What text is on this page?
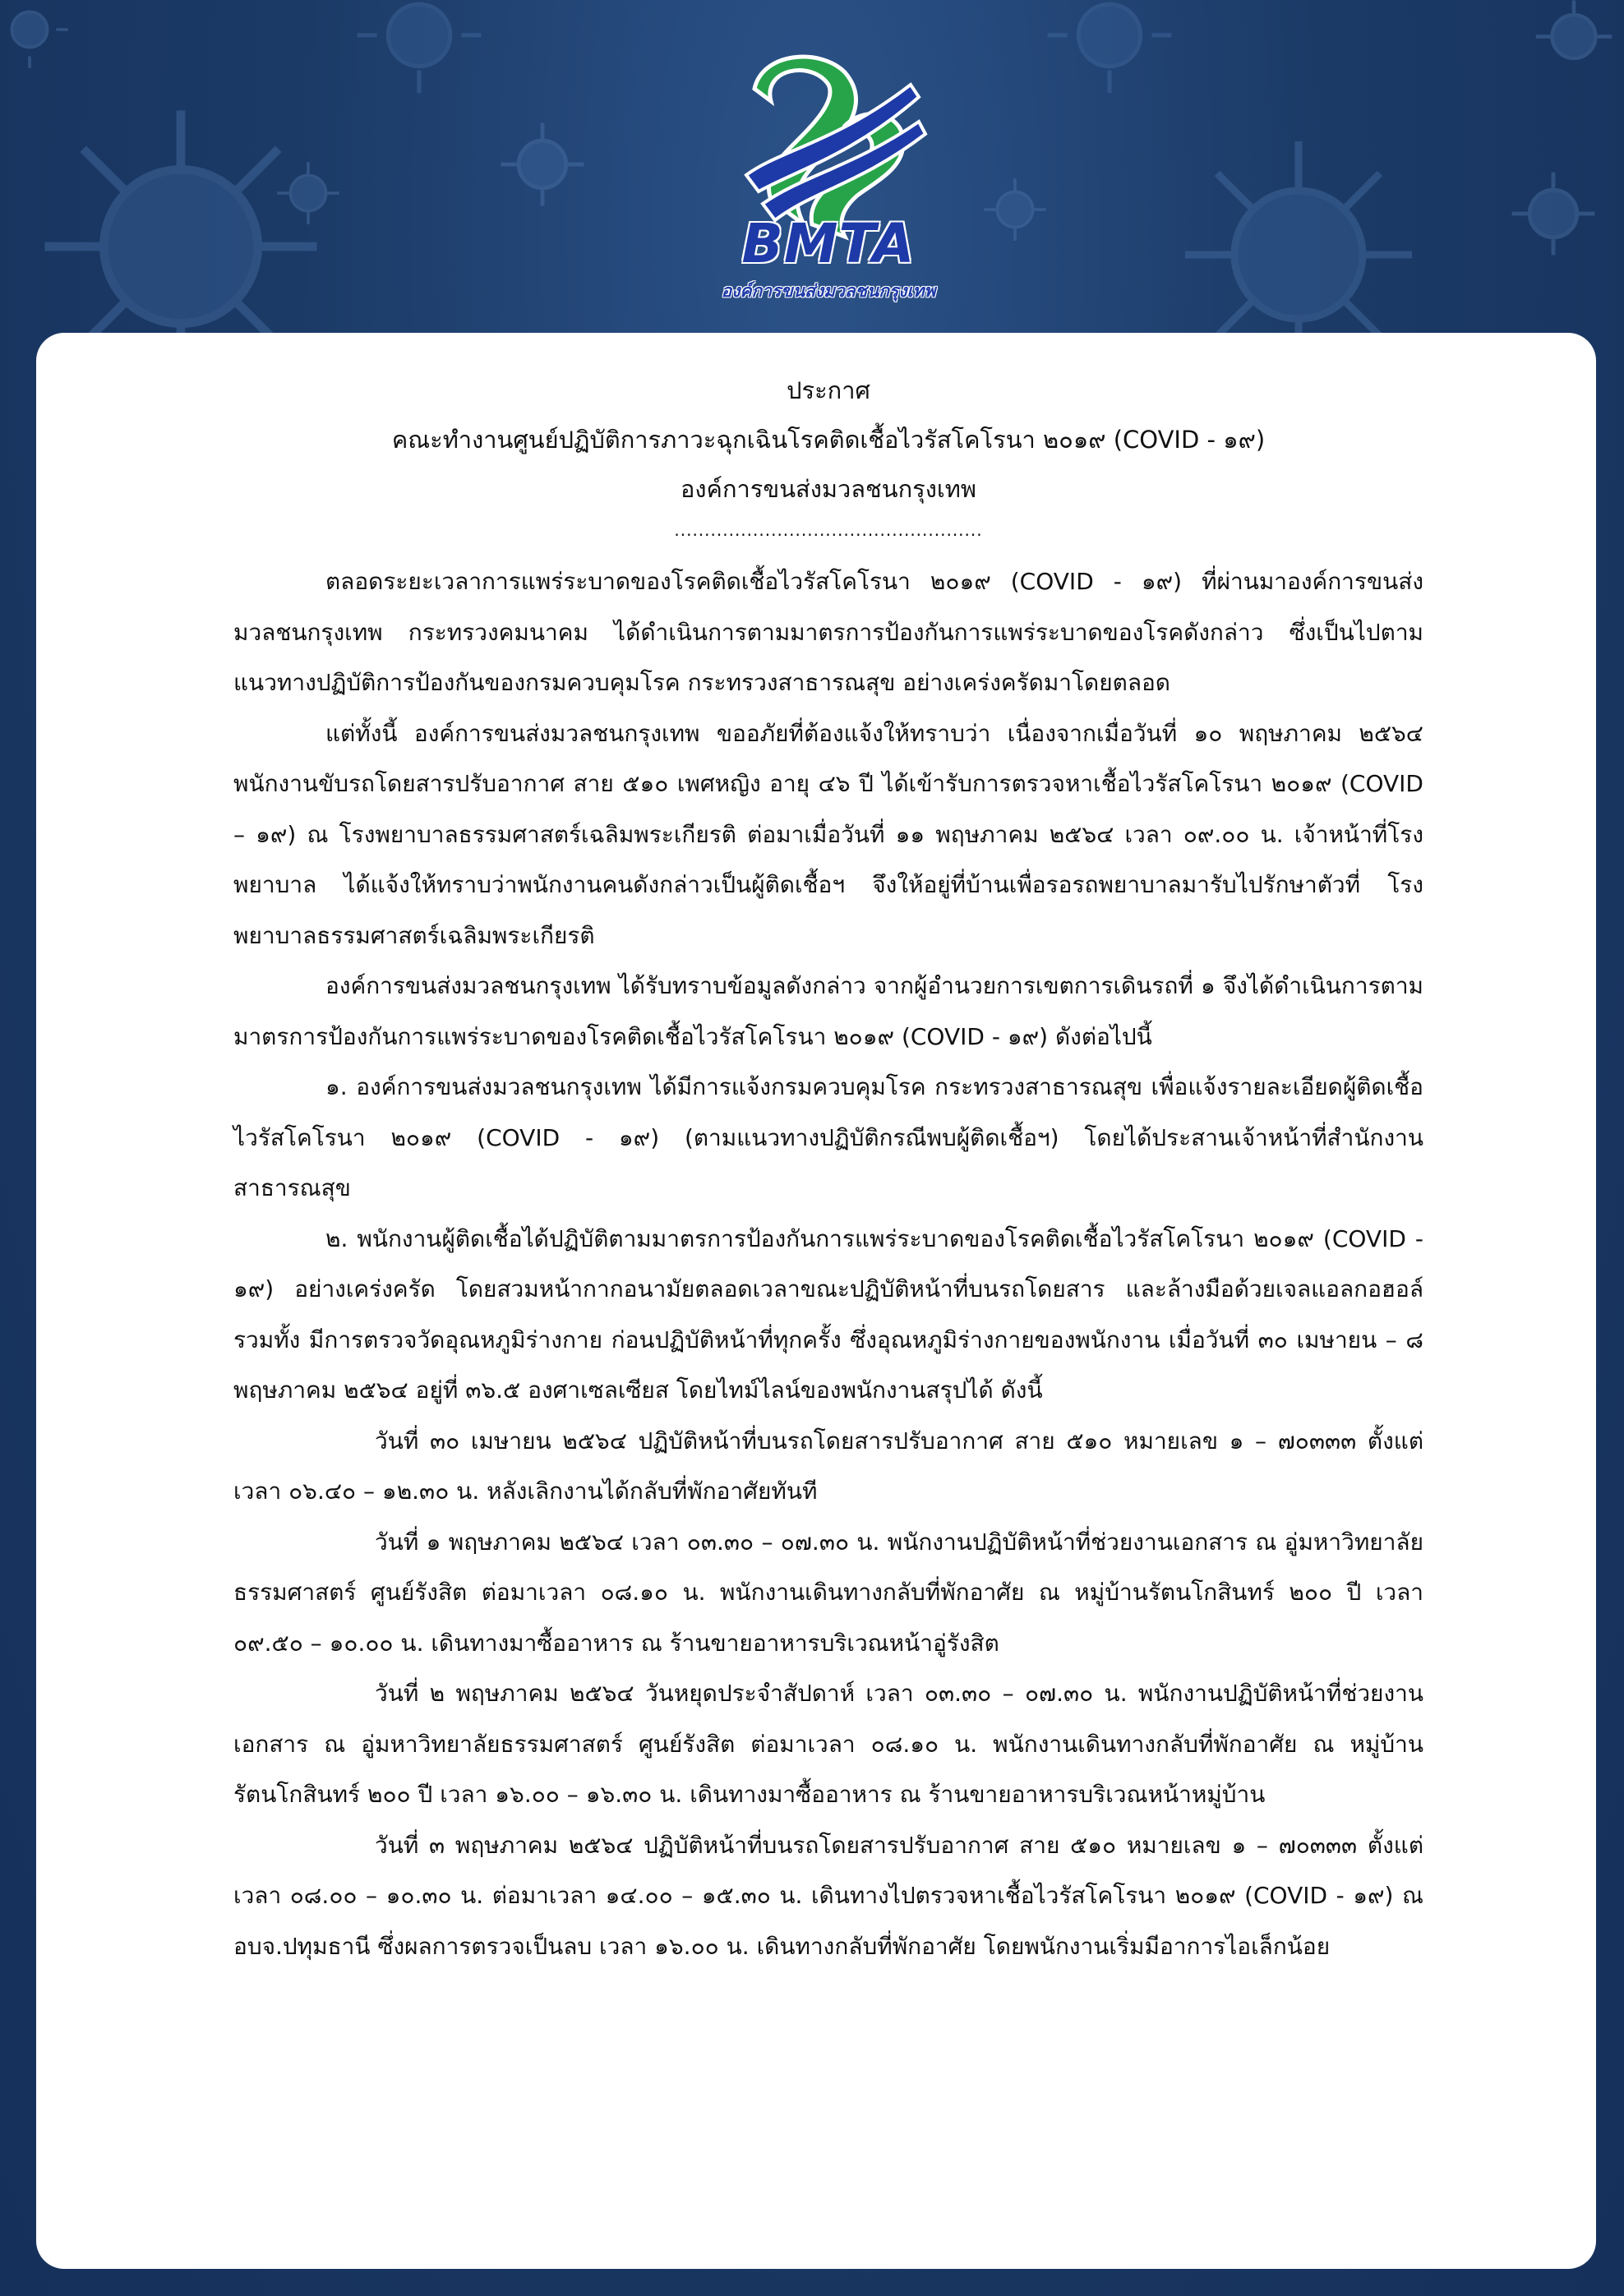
BMTA
องค์การขนส่งมวลชนกรุงเทพ

ประกาศ

คณะทำงานศูนย์ปฏิบัติการภาวะฉุกเฉินโรคติดเชื้อไวรัสโคโรนา ๒๐๑๙ (COVID - ๑๙)

องค์การขนส่งมวลชนกรุงเทพ

...................................................

ตลอดระยะเวลาการแพร่ระบาดของโรคติดเชื้อไวรัสโคโรนา ๒๐๑๙ (COVID - ๑๙) ที่ผ่านมาองค์การขนส่งมวลชนกรุงเทพ กระทรวงคมนาคม ได้ดำเนินการตามมาตรการป้องกันการแพร่ระบาดของโรคดังกล่าว ซึ่งเป็นไปตามแนวทางปฏิบัติการป้องกันของกรมควบคุมโรค กระทรวงสาธารณสุข อย่างเคร่งครัดมาโดยตลอด

แต่ทั้งนี้ องค์การขนส่งมวลชนกรุงเทพ ขออภัยที่ต้องแจ้งให้ทราบว่า เนื่องจากเมื่อวันที่ ๑๐ พฤษภาคม ๒๕๖๔ พนักงานขับรถโดยสารปรับอากาศ สาย ๕๑๐ เพศหญิง อายุ ๔๖ ปี ได้เข้ารับการตรวจหาเชื้อไวรัสโคโรนา ๒๐๑๙ (COVID – ๑๙) ณ โรงพยาบาลธรรมศาสตร์เฉลิมพระเกียรติ ต่อมาเมื่อวันที่ ๑๑ พฤษภาคม ๒๕๖๔ เวลา ๐๙.๐๐ น. เจ้าหน้าที่โรงพยาบาล ได้แจ้งให้ทราบว่าพนักงานคนดังกล่าวเป็นผู้ติดเชื้อฯ จึงให้อยู่ที่บ้านเพื่อรอรถพยาบาลมารับไปรักษาตัวที่ โรงพยาบาลธรรมศาสตร์เฉลิมพระเกียรติ

องค์การขนส่งมวลชนกรุงเทพ ได้รับทราบข้อมูลดังกล่าว จากผู้อำนวยการเขตการเดินรถที่ ๑ จึงได้ดำเนินการตามมาตรการป้องกันการแพร่ระบาดของโรคติดเชื้อไวรัสโคโรนา ๒๐๑๙ (COVID - ๑๙) ดังต่อไปนี้

๑. องค์การขนส่งมวลชนกรุงเทพ ได้มีการแจ้งกรมควบคุมโรค กระทรวงสาธารณสุข เพื่อแจ้งรายละเอียดผู้ติดเชื้อไวรัสโคโรนา ๒๐๑๙ (COVID - ๑๙) (ตามแนวทางปฏิบัติกรณีพบผู้ติดเชื้อฯ) โดยได้ประสานเจ้าหน้าที่สำนักงานสาธารณสุข

๒. พนักงานผู้ติดเชื้อได้ปฏิบัติตามมาตรการป้องกันการแพร่ระบาดของโรคติดเชื้อไวรัสโคโรนา ๒๐๑๙ (COVID - ๑๙) อย่างเคร่งครัด โดยสวมหน้ากากอนามัยตลอดเวลาขณะปฏิบัติหน้าที่บนรถโดยสาร และล้างมือด้วยเจลแอลกอฮอล์ รวมทั้ง มีการตรวจวัดอุณหภูมิร่างกาย ก่อนปฏิบัติหน้าที่ทุกครั้ง ซึ่งอุณหภูมิร่างกายของพนักงาน เมื่อวันที่ ๓๐ เมษายน – ๘ พฤษภาคม ๒๕๖๔ อยู่ที่ ๓๖.๕ องศาเซลเซียส โดยไทม์ไลน์ของพนักงานสรุปได้ ดังนี้

วันที่ ๓๐ เมษายน ๒๕๖๔ ปฏิบัติหน้าที่บนรถโดยสารปรับอากาศ สาย ๕๑๐ หมายเลข ๑ – ๗๐๓๓๓ ตั้งแต่เวลา ๐๖.๔๐ – ๑๒.๓๐ น. หลังเลิกงานได้กลับที่พักอาศัยทันที

วันที่ ๑ พฤษภาคม ๒๕๖๔ เวลา ๐๓.๓๐ – ๐๗.๓๐ น. พนักงานปฏิบัติหน้าที่ช่วยงานเอกสาร ณ อู่มหาวิทยาลัยธรรมศาสตร์ ศูนย์รังสิต ต่อมาเวลา ๐๘.๑๐ น. พนักงานเดินทางกลับที่พักอาศัย ณ หมู่บ้านรัตนโกสินทร์ ๒๐๐ ปี เวลา ๐๙.๕๐ – ๑๐.๐๐ น. เดินทางมาซื้ออาหาร ณ ร้านขายอาหารบริเวณหน้าอู่รังสิต

วันที่ ๒ พฤษภาคม ๒๕๖๔ วันหยุดประจำสัปดาห์ เวลา ๐๓.๓๐ – ๐๗.๓๐ น. พนักงานปฏิบัติหน้าที่ช่วยงานเอกสาร ณ อู่มหาวิทยาลัยธรรมศาสตร์ ศูนย์รังสิต ต่อมาเวลา ๐๘.๑๐ น. พนักงานเดินทางกลับที่พักอาศัย ณ หมู่บ้านรัตนโกสินทร์ ๒๐๐ ปี เวลา ๑๖.๐๐ – ๑๖.๓๐ น. เดินทางมาซื้ออาหาร ณ ร้านขายอาหารบริเวณหน้าหมู่บ้าน

วันที่ ๓ พฤษภาคม ๒๕๖๔ ปฏิบัติหน้าที่บนรถโดยสารปรับอากาศ สาย ๕๑๐ หมายเลข ๑ – ๗๐๓๓๓ ตั้งแต่เวลา ๐๘.๐๐ – ๑๐.๓๐ น. ต่อมาเวลา ๑๔.๐๐ – ๑๕.๓๐ น. เดินทางไปตรวจหาเชื้อไวรัสโคโรนา ๒๐๑๙ (COVID - ๑๙) ณ อบจ.ปทุมธานี ซึ่งผลการตรวจเป็นลบ เวลา ๑๖.๐๐ น. เดินทางกลับที่พักอาศัย โดยพนักงานเริ่มมีอาการไอเล็กน้อย
